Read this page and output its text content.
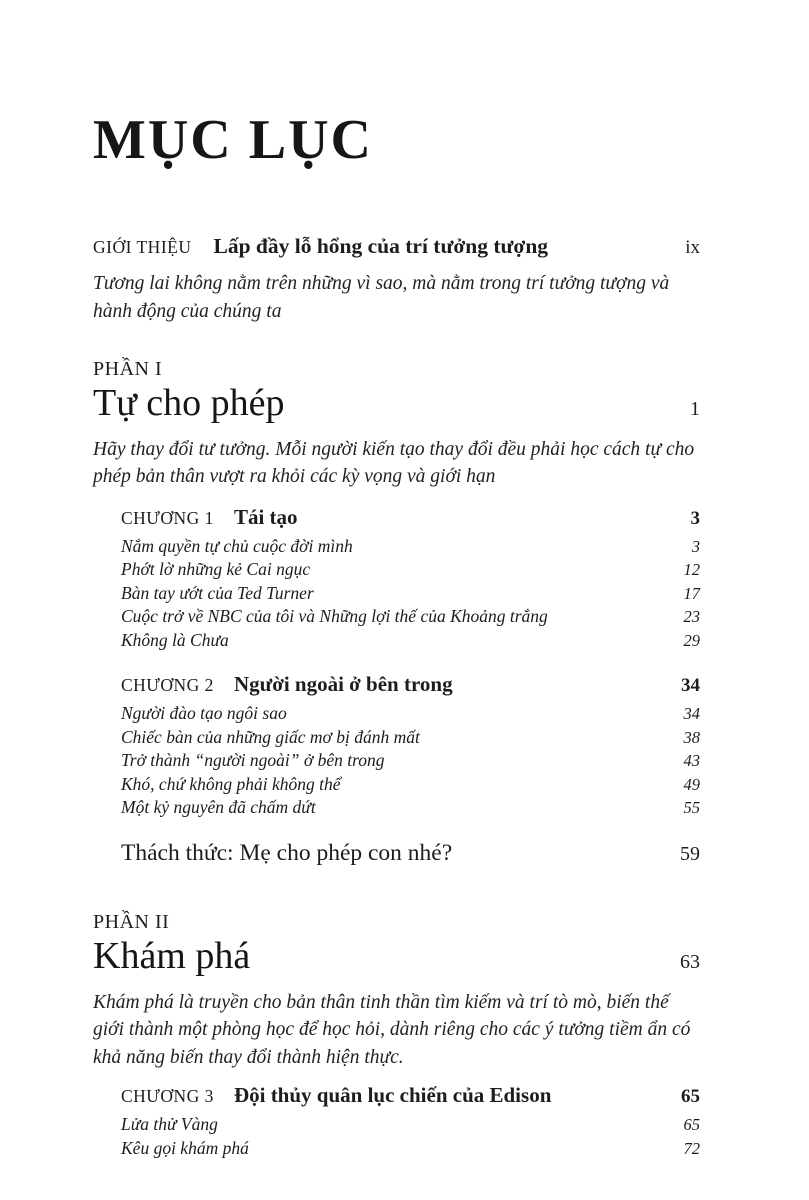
MỤC LỤC
GIỚI THIỆU Lấp đầy lỗ hổng của trí tưởng tượng	ix

Tương lai không nằm trên những vì sao, mà nằm trong trí tưởng tượng và hành động của chúng ta

PHẦN I
Tự cho phép	1

Hãy thay đổi tư tưởng. Mỗi người kiến tạo thay đổi đều phải học cách tự cho phép bản thân vượt ra khỏi các kỳ vọng và giới hạn

CHƯƠNG 1 Tái tạo	3
Nắm quyền tự chủ cuộc đời mình	3
Phớt lờ những kẻ Cai ngục	12
Bàn tay ướt của Ted Turner	17
Cuộc trở về NBC của tôi và Những lợi thế của Khoảng trắng	23
Không là Chưa	29
CHƯƠNG 2 Người ngoài ở bên trong	34
Người đào tạo ngôi sao	34
Chiếc bàn của những giấc mơ bị đánh mất	38
Trở thành “người ngoài” ở bên trong	43
Khó, chứ không phải không thể	49
Một kỷ nguyên đã chấm dứt	55
Thách thức: Mẹ cho phép con nhé?	59
PHẦN II
Khám phá	63

Khám phá là truyền cho bản thân tinh thần tìm kiếm và trí tò mò, biến thế giới thành một phòng học để học hỏi, dành riêng cho các ý tưởng tiềm ẩn có khả năng biến thay đổi thành hiện thực.

CHƯƠNG 3 Đội thủy quân lục chiến của Edison	65
Lửa thử Vàng	65
Kêu gọi khám phá	72
